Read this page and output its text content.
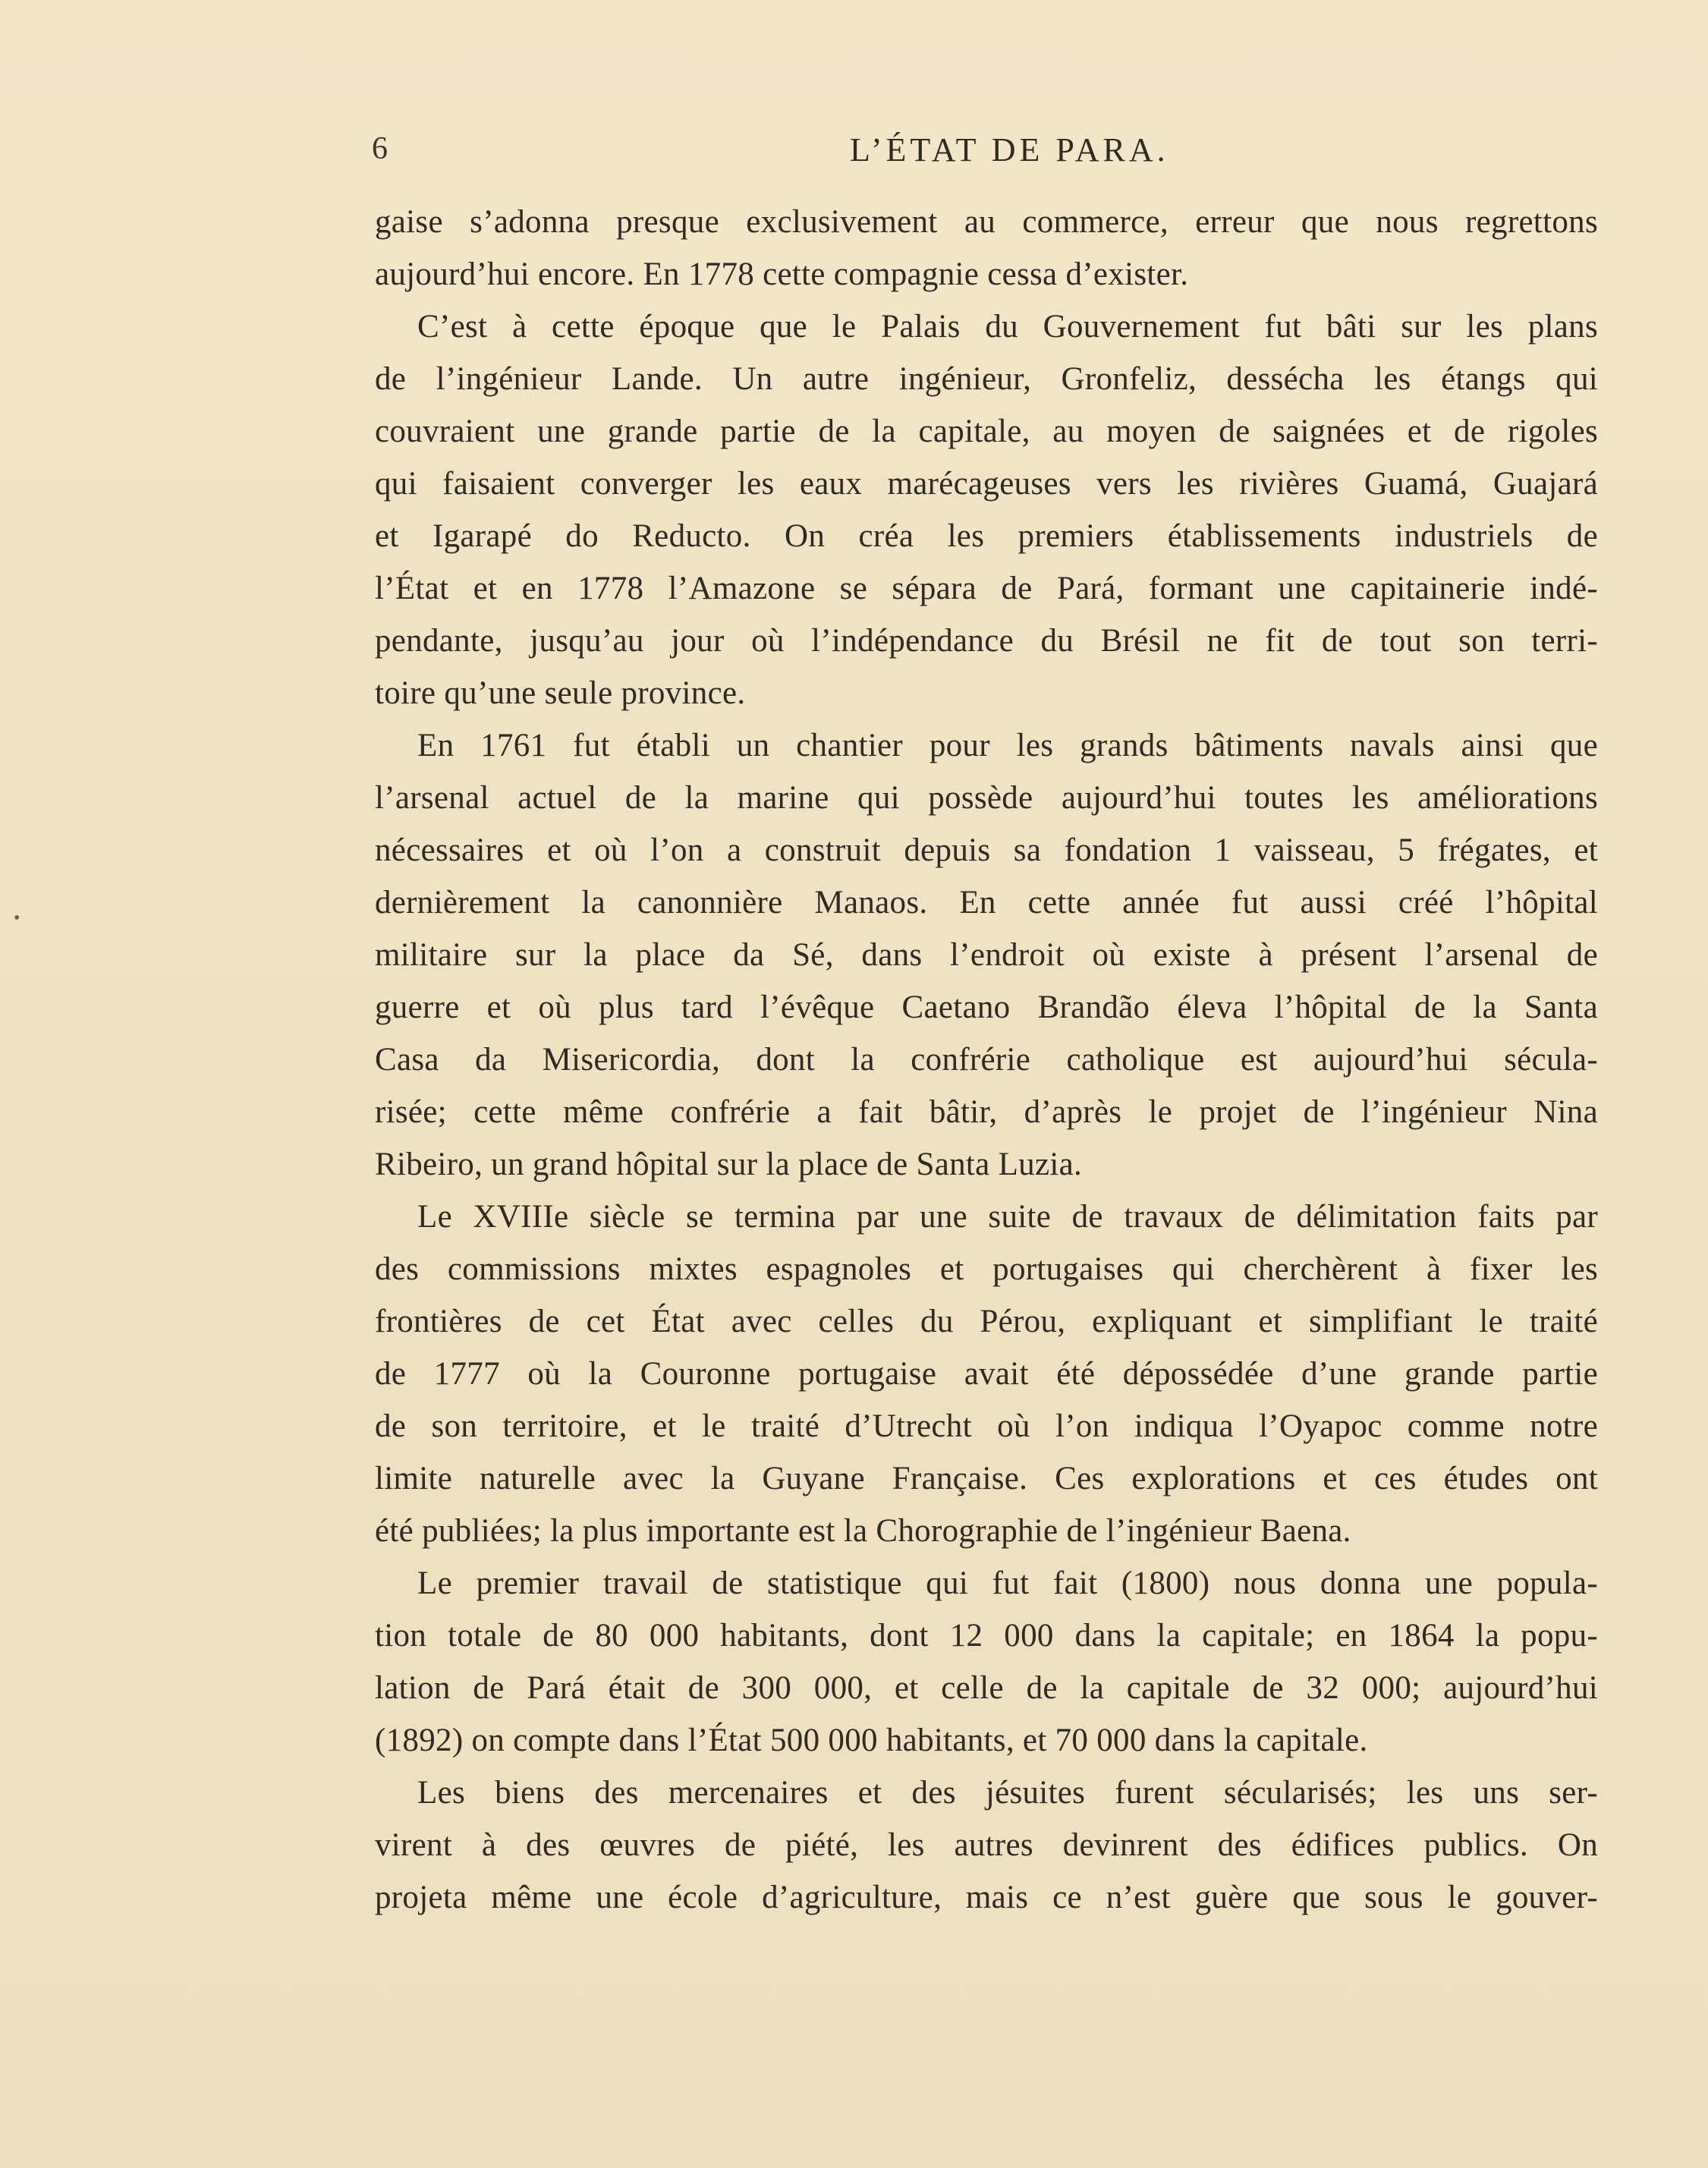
6	L’ÉTAT DE PARA.
•
gaise s’adonna presque exclusivement au commerce, erreur que nous regrettons
aujourd’hui encore. En 1778 cette compagnie cessa d’exister.
C’est à cette époque que le Palais du Gouvernement fut bâti sur les plans
de l’ingénieur Lande. Un autre ingénieur, Gronfeliz, dessécha les étangs qui
couvraient une grande partie de la capitale, au moyen de saignées et de rigoles
qui faisaient converger les eaux marécageuses vers les rivières Guamá, Guajará
et Igarapé do Reducto. On créa les premiers établissements industriels de
l’État et en 1778 l’Amazone se sépara de Pará, formant une capitainerie indé-
pendante, jusqu’au jour où l’indépendance du Brésil ne fit de tout son terri-
toire qu’une seule province.
En 1761 fut établi un chantier pour les grands bâtiments navals ainsi que
l’arsenal actuel de la marine qui possède aujourd’hui toutes les améliorations
nécessaires et où l’on a construit depuis sa fondation 1 vaisseau, 5 frégates, et
dernièrement la canonnière Manaos. En cette année fut aussi créé l’hôpital
militaire sur la place da Sé, dans l’endroit où existe à présent l’arsenal de
guerre et où plus tard l’évêque Caetano Brandão éleva l’hôpital de la Santa
Casa da Misericordia, dont la confrérie catholique est aujourd’hui sécula-
risée; cette même confrérie a fait bâtir, d’après le projet de l’ingénieur Nina
Ribeiro, un grand hôpital sur la place de Santa Luzia.
Le XVIIIe siècle se termina par une suite de travaux de délimitation faits par
des commissions mixtes espagnoles et portugaises qui cherchèrent à fixer les
frontières de cet État avec celles du Pérou, expliquant et simplifiant le traité
de 1777 où la Couronne portugaise avait été dépossédée d’une grande partie
de son territoire, et le traité d’Utrecht où l’on indiqua l’Oyapoc comme notre
limite naturelle avec la Guyane Française. Ces explorations et ces études ont
été publiées; la plus importante est la Chorographie de l’ingénieur Baena.
Le premier travail de statistique qui fut fait (1800) nous donna une popula-
tion totale de 80 000 habitants, dont 12 000 dans la capitale; en 1864 la popu-
lation de Pará était de 300 000, et celle de la capitale de 32 000; aujourd’hui
(1892) on compte dans l’État 500 000 habitants, et 70 000 dans la capitale.
Les biens des mercenaires et des jésuites furent sécularisés; les uns ser-
virent à des œuvres de piété, les autres devinrent des édifices publics. On
projeta même une école d’agriculture, mais ce n’est guère que sous le gouver-
